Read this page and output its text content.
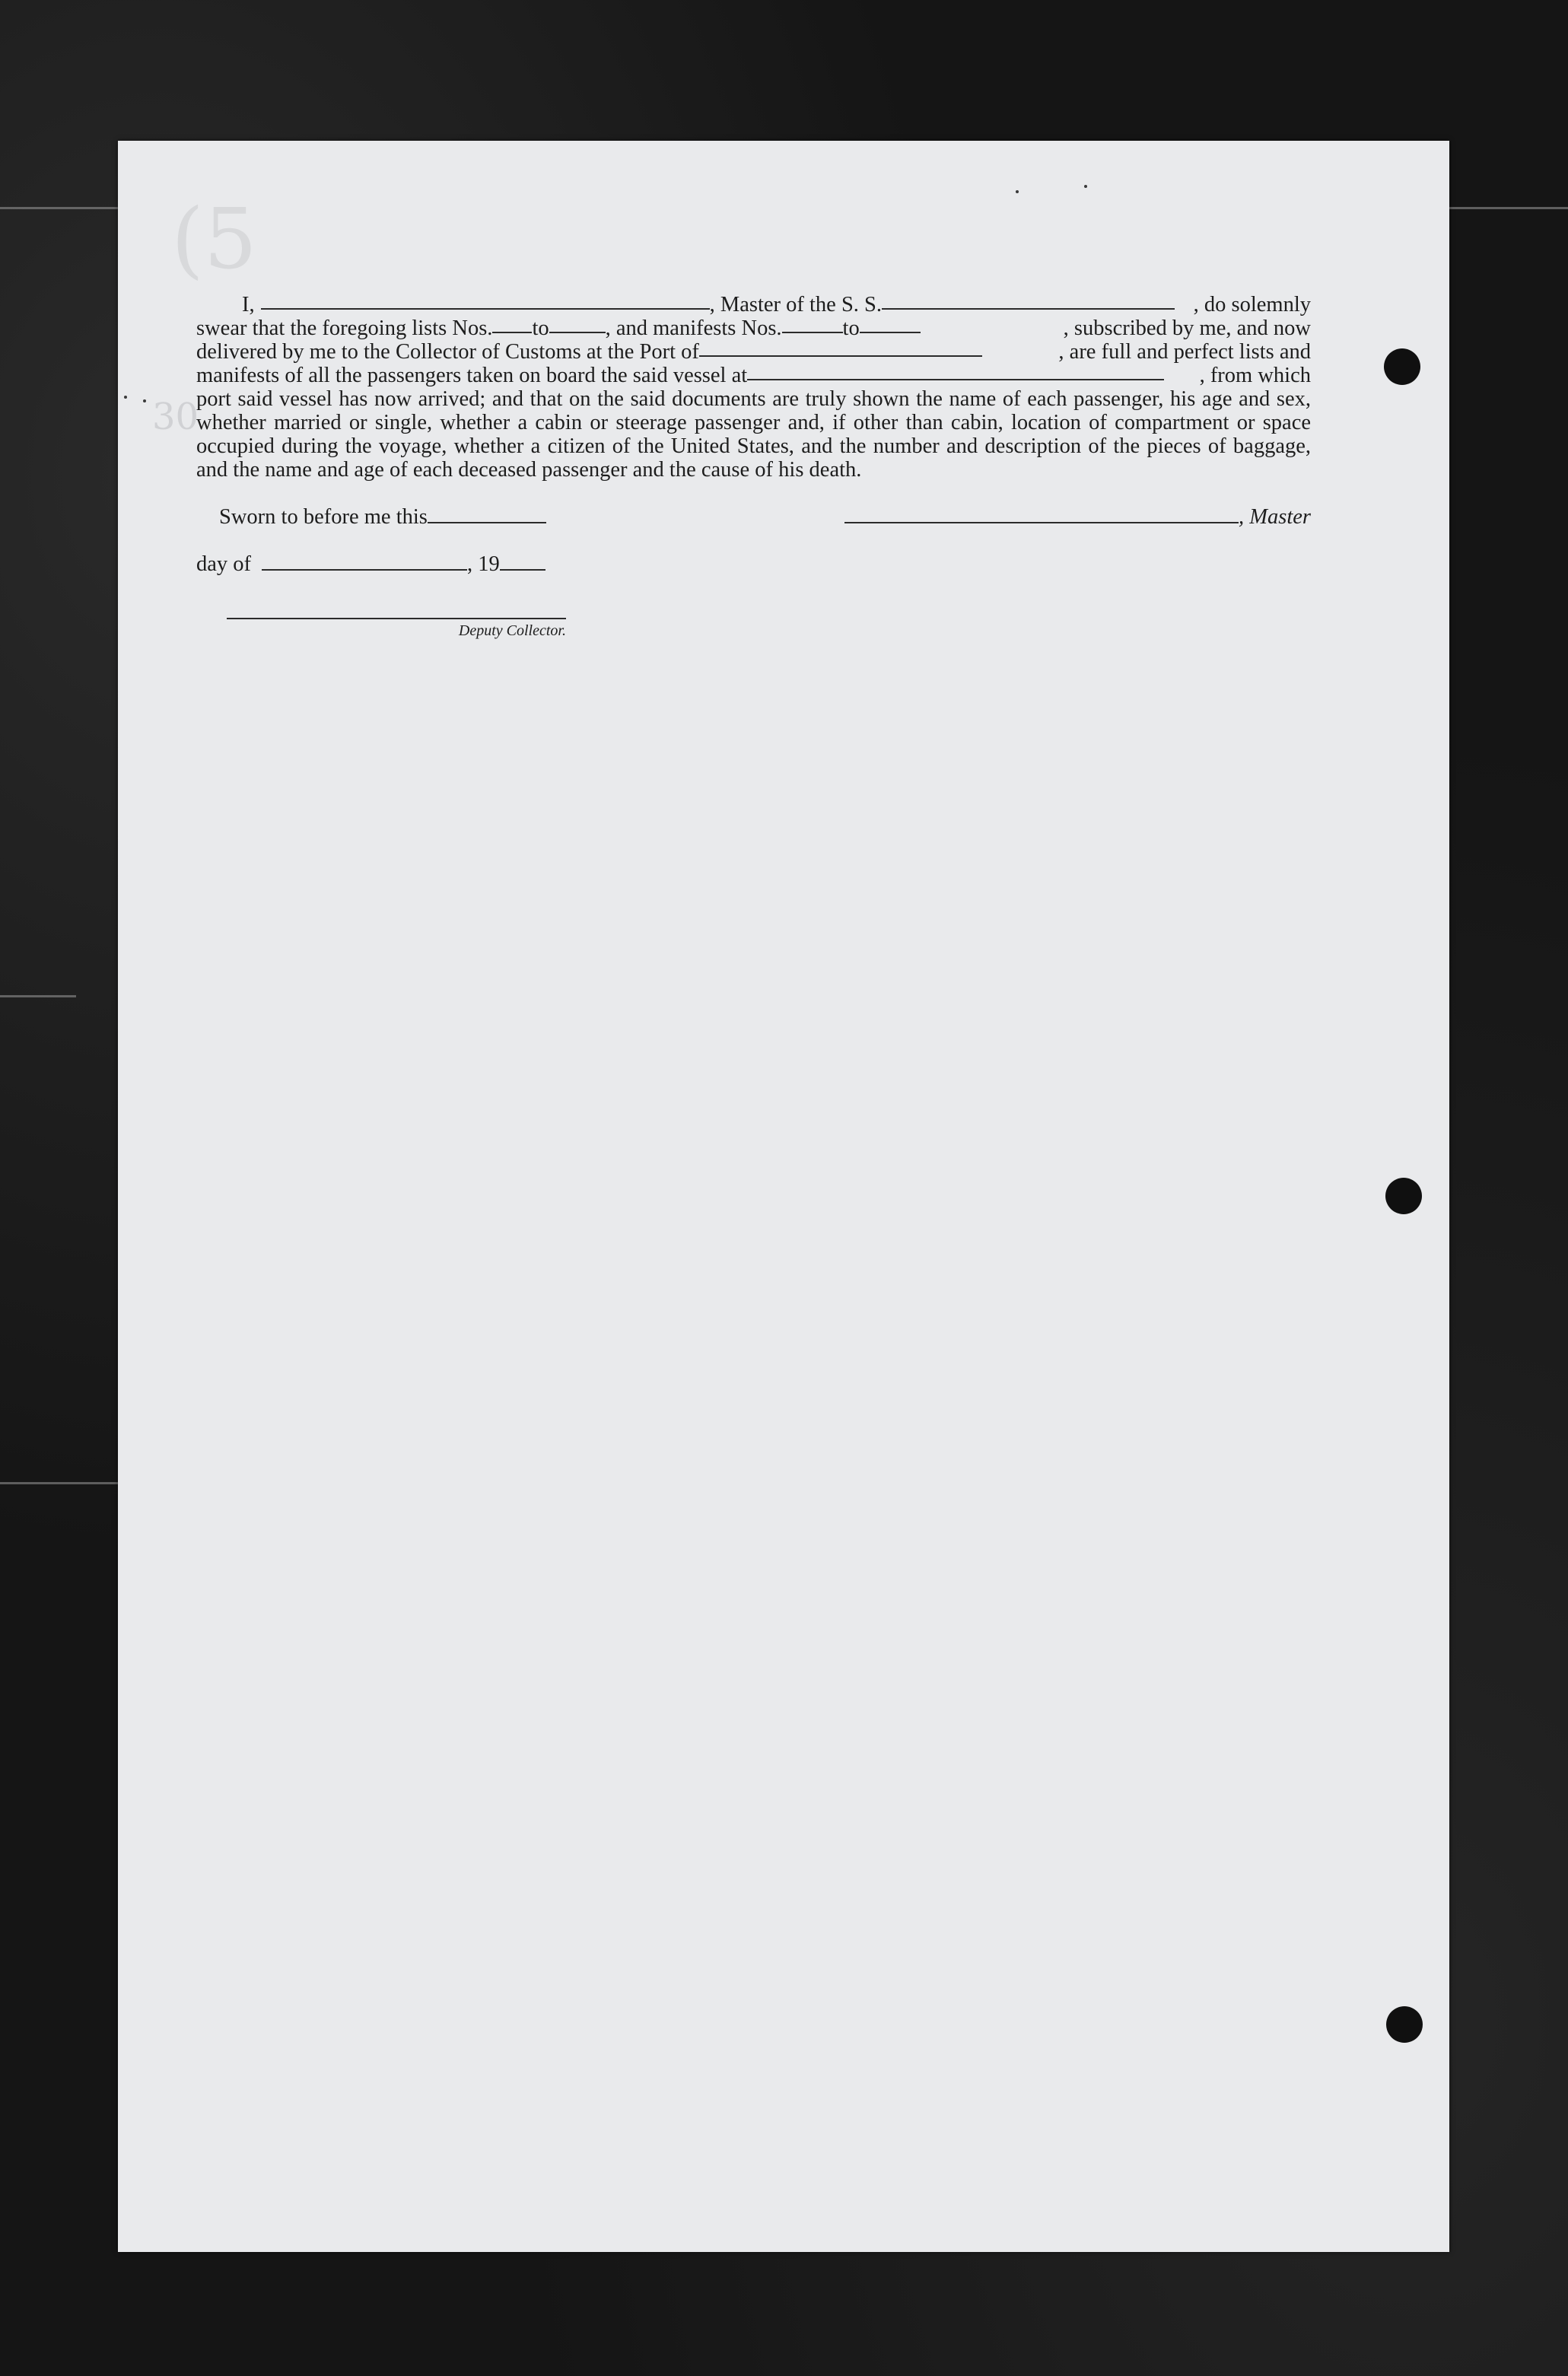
(5
30

I,	, Master of the S. S.	, do solemnly

swear that the foregoing lists Nos. to	, and manifests Nos.	to	, subscribed by me, and now

delivered by me to the Collector of Customs at the Port of	, are full and perfect lists and

manifests of all the passengers taken on board the said vessel at	, from which

port said vessel has now arrived; and that on the said documents are truly shown the name of each passenger, his age and sex, whether married or single, whether a cabin or steerage passenger and, if other than cabin, location of compartment or space occupied during the voyage, whether a citizen of the United States, and the number and description of the pieces of baggage, and the name and age of each deceased passenger and the cause of his death.

Sworn to before me this	, Master
day of	, 19
Deputy Collector.
